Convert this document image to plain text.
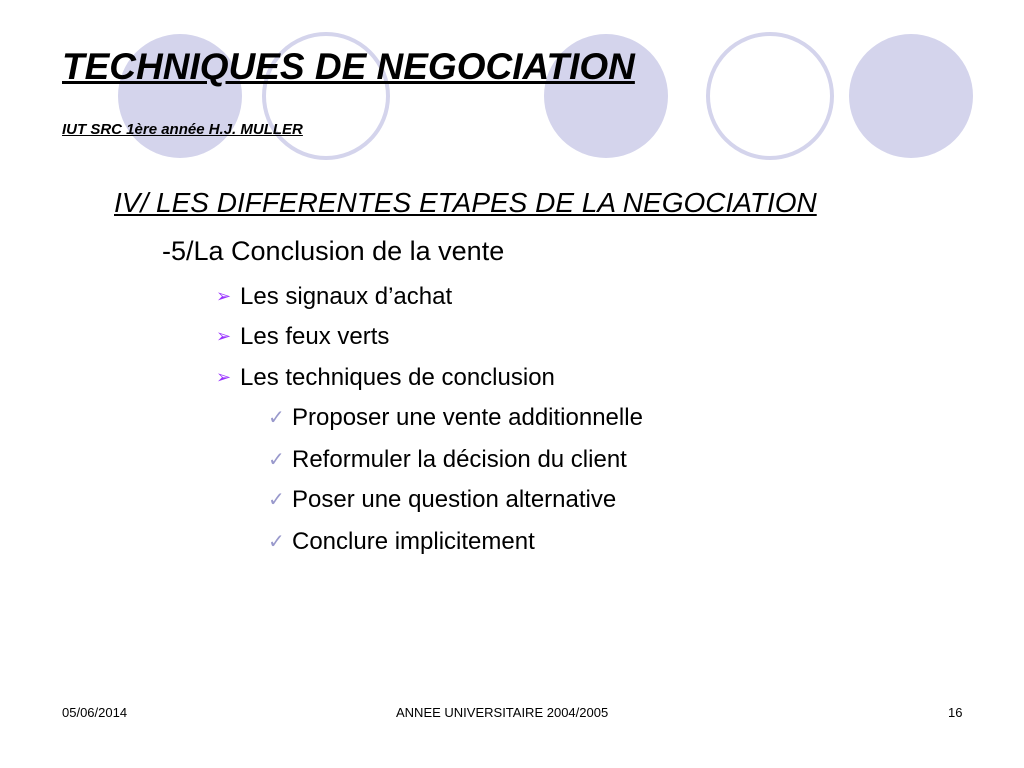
TECHNIQUES DE NEGOCIATION
IUT SRC 1ère année H.J. MULLER
IV/ LES DIFFERENTES ETAPES DE LA NEGOCIATION
-5/La Conclusion de la vente
➢ Les signaux d’achat
➢ Les feux verts
➢ Les techniques de conclusion
✓ Proposer une vente additionnelle
✓ Reformuler la décision du client
✓ Poser une question alternative
✓ Conclure implicitement
05/06/2014	ANNEE UNIVERSITAIRE 2004/2005	16
